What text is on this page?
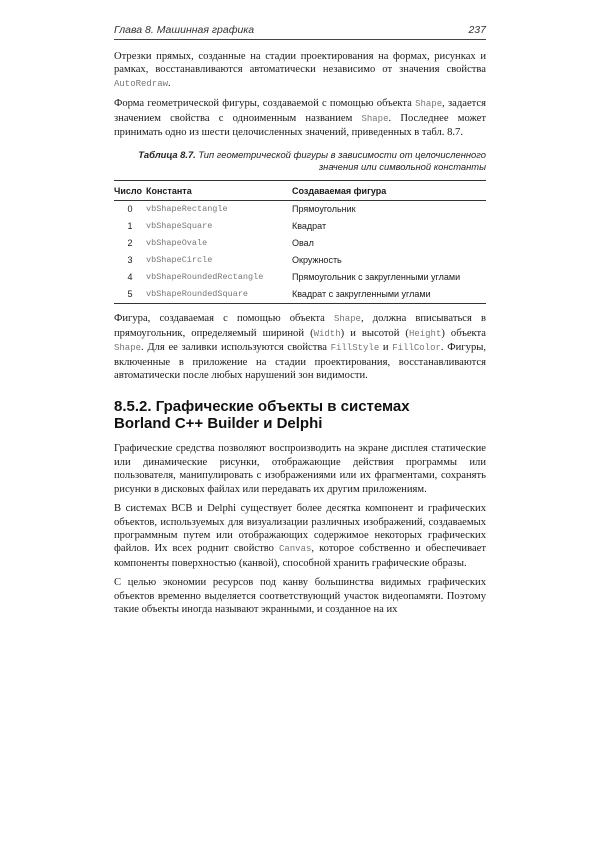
Глава 8. Машинная графика	237

Отрезки прямых, созданные на стадии проектирования на формах, рисунках и рамках, восстанавливаются автоматически независимо от значения свойства AutoRedraw.

Форма геометрической фигуры, создаваемой с помощью объекта Shape, задается значением свойства с одноименным названием Shape. Последнее может принимать одно из шести целочисленных значений, приведенных в табл. 8.7.

Таблица 8.7. Тип геометрической фигуры в зависимости от целочисленного значения или символьной константы
Число	Константа	Создаваемая фигура
0	vbShapeRectangle	Прямоугольник
1	vbShapeSquare	Квадрат
2	vbShapeOvale	Овал
3	vbShapeCircle	Окружность
4	vbShapeRoundedRectangle	Прямоугольник с закругленными углами
5	vbShapeRoundedSquare	Квадрат с закругленными углами

Фигура, создаваемая с помощью объекта Shape, должна вписываться в прямоугольник, определяемый шириной (Width) и высотой (Height) объекта Shape. Для ее заливки используются свойства FillStyle и FillColor. Фигуры, включенные в приложение на стадии проектирования, восстанавливаются автоматически после любых нарушений зон видимости.

8.5.2. Графические объекты в системах
Borland C++ Builder и Delphi

Графические средства позволяют воспроизводить на экране дисплея статические или динамические рисунки, отображающие действия программы или пользователя, манипулировать с изображениями или их фрагментами, сохранять рисунки в дисковых файлах или передавать их другим приложениям.

В системах BCB и Delphi существует более десятка компонент и графических объектов, используемых для визуализации различных изображений, создаваемых программным путем или отображающих содержимое некоторых графических файлов. Их всех роднит свойство Canvas, которое собственно и обеспечивает компоненты поверхностью (канвой), способной хранить графические образы.

С целью экономии ресурсов под канву большинства видимых графических объектов временно выделяется соответствующий участок видеопамяти. Поэтому такие объекты иногда называют экранными, и созданное на их
